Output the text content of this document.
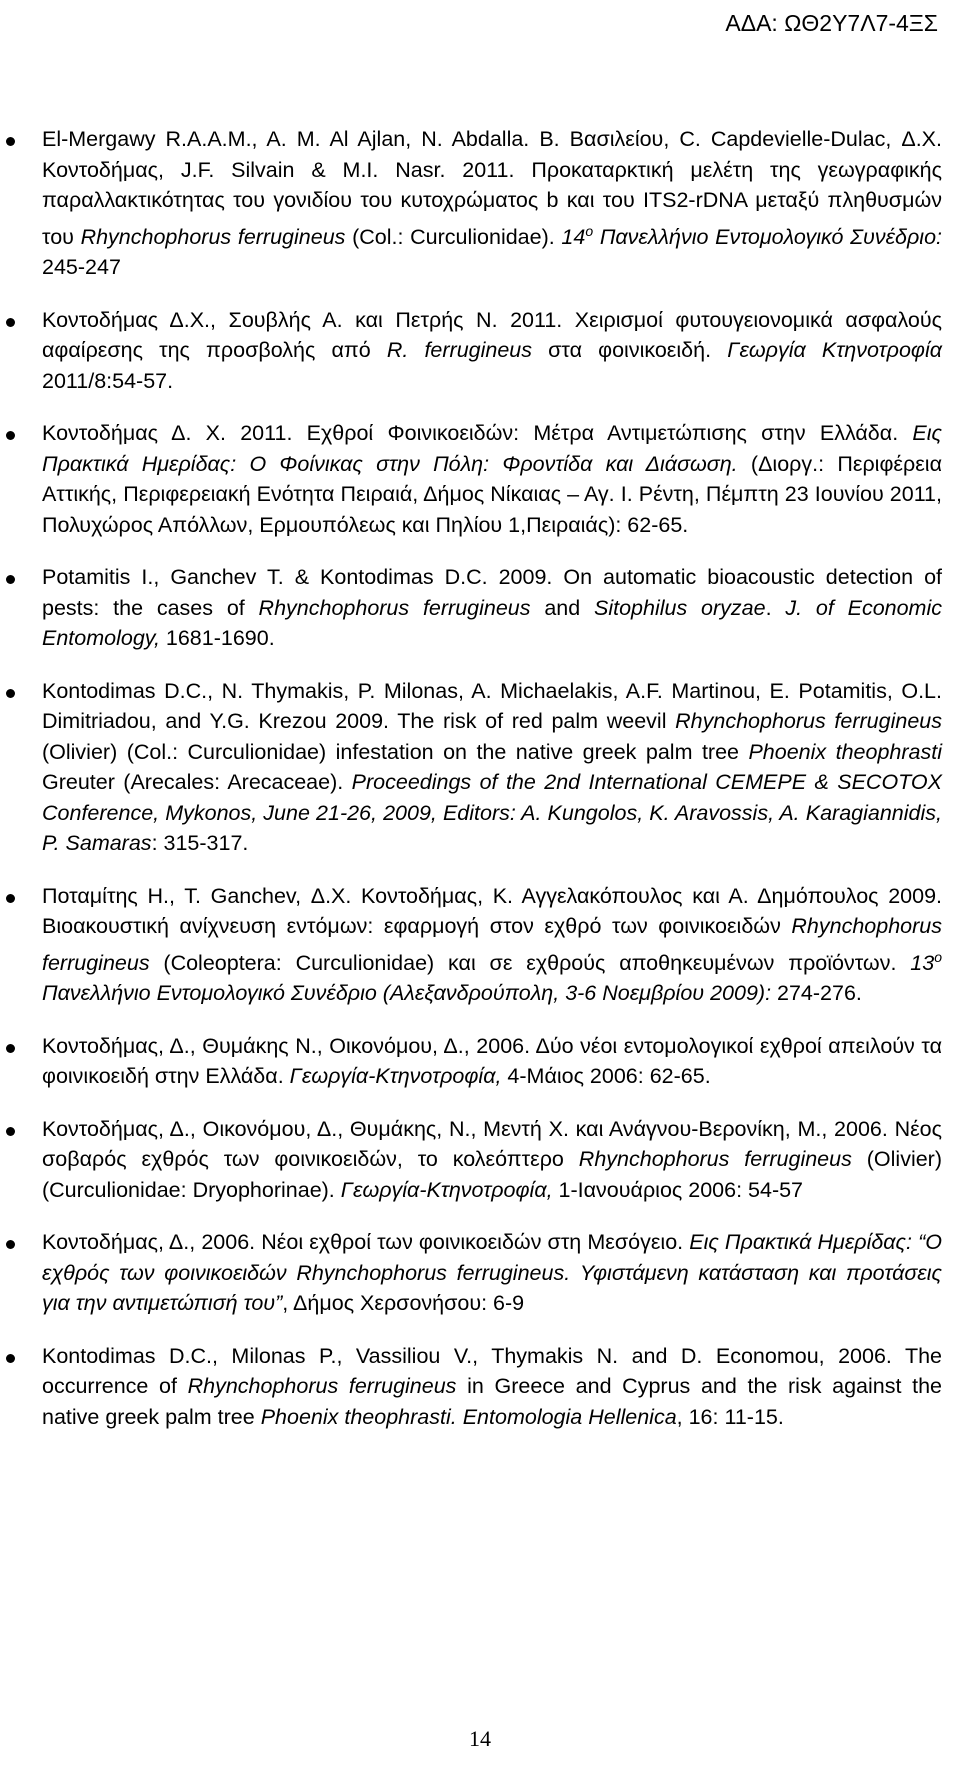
ΑΔΑ: ΩΘ2Υ7Λ7-4ΞΣ
El-Mergawy R.A.A.M., A. M. Al Ajlan, N. Abdalla. B. Βασιλείου, C. Capdevielle-Dulac, Δ.Χ. Κοντοδήμας, J.F. Silvain & M.I. Nasr. 2011. Προκαταρκτική μελέτη της γεωγραφικής παραλλακτικότητας του γονιδίου του κυτοχρώματος b και του ITS2-rDNA μεταξύ πληθυσμών του Rhynchophorus ferrugineus (Col.: Curculionidae). $14^o$ Πανελλήνιο Εντομολογικό Συνέδριο: 245-247
Κοντοδήμας Δ.Χ., Σουβλής Α. και Πετρής Ν. 2011. Χειρισμοί φυτουγειονομικά ασφαλούς αφαίρεσης της προσβολής από R. ferrugineus στα φοινικοειδή. Γεωργία Κτηνοτροφία 2011/8:54-57.
Κοντοδήμας Δ. Χ. 2011. Εχθροί Φοινικοειδών: Μέτρα Αντιμετώπισης στην Ελλάδα. Εις Πρακτικά Ημερίδας: Ο Φοίνικας στην Πόλη: Φροντίδα και Διάσωση. (Διοργ.: Περιφέρεια Αττικής, Περιφερειακή Ενότητα Πειραιά, Δήμος Νίκαιας – Αγ. Ι. Ρέντη, Πέμπτη 23 Ιουνίου 2011, Πολυχώρος Απόλλων, Ερμουπόλεως και Πηλίου 1,Πειραιάς): 62-65.
Potamitis I., Ganchev T. & Kontodimas D.C. 2009. On automatic bioacoustic detection of pests: the cases of Rhynchophorus ferrugineus and Sitophilus oryzae. J. of Economic Entomology, 1681-1690.
Kontodimas D.C., N. Thymakis, P. Milonas, A. Michaelakis, A.F. Martinou, E. Potamitis, O.L. Dimitriadou, and Y.G. Krezou 2009. The risk of red palm weevil Rhynchophorus ferrugineus (Olivier) (Col.: Curculionidae) infestation on the native greek palm tree Phoenix theophrasti Greuter (Arecales: Arecaceae). Proceedings of the 2nd International CEMEPE & SECOTOX Conference, Mykonos, June 21-26, 2009, Editors: A. Kungolos, K. Aravossis, A. Karagiannidis, P. Samaras: 315-317.
Ποταμίτης Η., Τ. Ganchev, Δ.Χ. Κοντοδήμας, Κ. Αγγελακόπουλος και Α. Δημόπουλος 2009. Βιοακουστική ανίχνευση εντόμων: εφαρμογή στον εχθρό των φοινικοειδών Rhynchophorus ferrugineus (Coleoptera: Curculionidae) και σε εχθρούς αποθηκευμένων προϊόντων. $13^o$ Πανελλήνιο Εντομολογικό Συνέδριο (Αλεξανδρούπολη, 3-6 Νοεμβρίου 2009): 274-276.
Κοντοδήμας, Δ., Θυμάκης Ν., Οικονόμου, Δ., 2006. Δύο νέοι εντομολογικοί εχθροί απειλούν τα φοινικοειδή στην Ελλάδα. Γεωργία-Κτηνοτροφία, 4-Μάιος 2006: 62-65.
Κοντοδήμας, Δ., Οικονόμου, Δ., Θυμάκης, Ν., Μεντή Χ. και Ανάγνου-Βερονίκη, Μ., 2006. Νέος σοβαρός εχθρός των φοινικοειδών, το κολεόπτερο Rhynchophorus ferrugineus (Olivier) (Curculionidae: Dryophorinae). Γεωργία-Κτηνοτροφία, 1-Ιανουάριος 2006: 54-57
Κοντοδήμας, Δ., 2006. Νέοι εχθροί των φοινικοειδών στη Μεσόγειο. Εις Πρακτικά Ημερίδας: “Ο εχθρός των φοινικοειδών Rhynchophorus ferrugineus. Υφιστάμενη κατάσταση και προτάσεις για την αντιμετώπισή του”, Δήμος Χερσονήσου: 6-9
Kontodimas D.C., Milonas P., Vassiliou V., Thymakis N. and D. Economou, 2006. The occurrence of Rhynchophorus ferrugineus in Greece and Cyprus and the risk against the native greek palm tree Phoenix theophrasti. Entomologia Hellenica, 16: 11-15.
14
